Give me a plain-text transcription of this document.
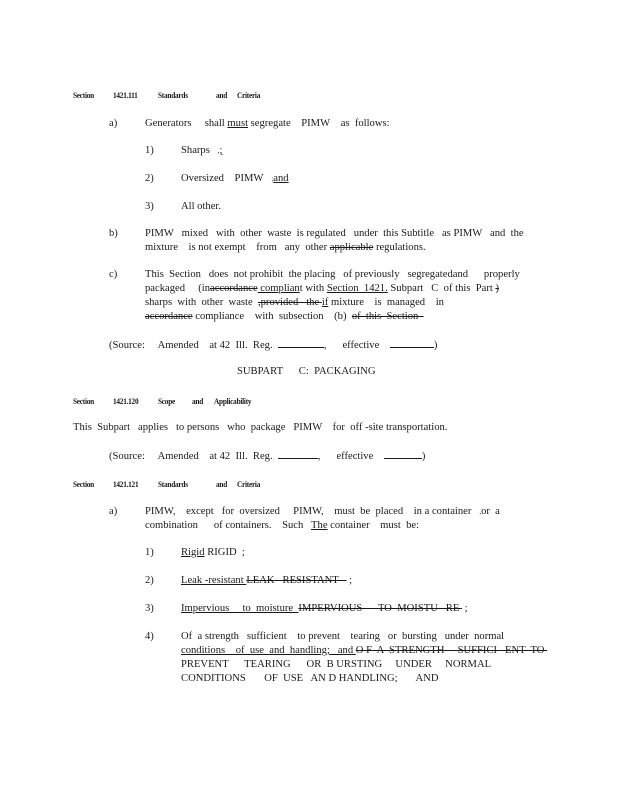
Section 1421.111 Standards	and Criteria
a)	Generators shall must segregate PIMW as follows:
1)	Sharps ,;
2)	Oversized PIMW ;and
3)	All other.
b)	PIMW   mixed   with  other  waste  is regulated   under  this Subtitle   as PIMW   and  the
mixture    is not exempt    from   any  other applicable regulations.
c)	This  Section   does  not prohibit  the placing   of previously   segregatedand      properly
packaged     (inaccordance compliant with Section  1421. Subpart   C  of this  Part )
sharps  with  other  waste  ,provided   the if mixture    is  managed    in
accordance compliance    with  subsection    (b)  of  this  Section
(Source: Amended at 42  Ill.  Reg.	, effective	)
SUBPART C:  PACKAGING
Section 1421.120 Scope and Applicability
This  Subpart   applies   to persons   who  package   PIMW    for  off -site transportation.
(Source: Amended at 42  Ill.  Reg.	, effective	)
Section 1421.121 Standards	and Criteria
a)	PIMW,    except   for  oversized     PIMW,    must  be  placed    in a container   ,or  a
combination      of containers.    Such   The container    must  be:
1)	Rigid RIGID  ;
2)	Leak -resistant LEAK   RESISTANT    ;
3)	Impervious     to  moisture  IMPERVIOUS      TO  MOISTU   RE  ;
4)	Of  a strength   sufficient    to prevent    tearing   or  bursting   under  normal
conditions    of  use  and  handling;   and O F  A  STRENGTH     SUFFICI   ENT  TO
PREVENT      TEARING      OR  B URSTING     UNDER     NORMAL
CONDITIONS       OF  USE   AN D HANDLING;       AND
